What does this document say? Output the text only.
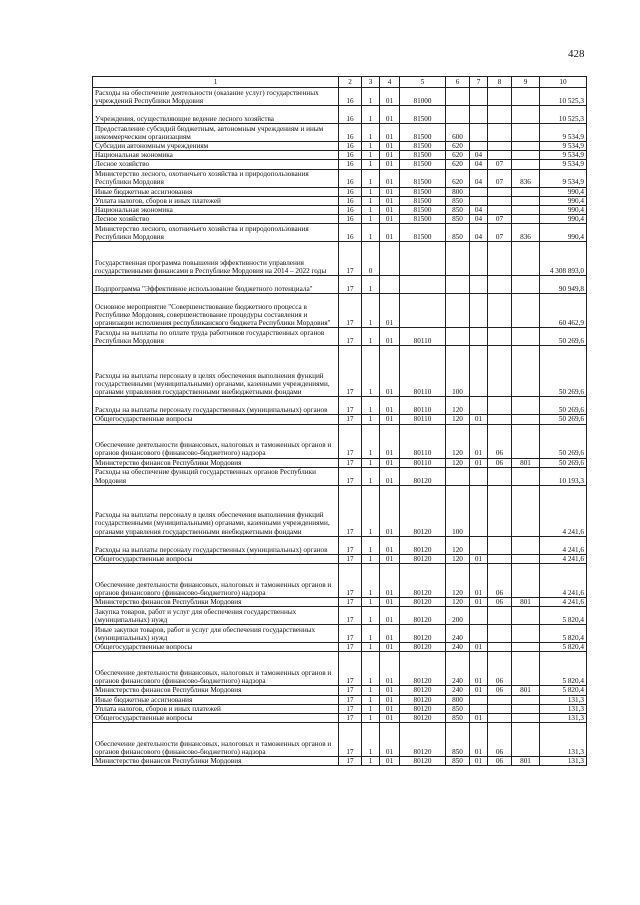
428
1	2	3	4	5	6	7	8	9	10
Расходы на обеспечение деятельности (оказание услуг) государственных учреждений Республики Мордовия	16	1	01	81000					10 525,3
Учреждения, осуществляющие ведение лесного хозяйства	16	1	01	81500					10 525,3
Предоставление субсидий бюджетным, автономным учреждениям и иным некоммерческим организациям	16	1	01	81500	600				9 534,9
Субсидии автономным учреждениям	16	1	01	81500	620				9 534,9
Национальная экономика	16	1	01	81500	620	04			9 534,9
Лесное хозяйство	16	1	01	81500	620	04	07		9 534,9
Министерство лесного, охотничьего хозяйства и природопользования Республики Мордовия	16	1	01	81500	620	04	07	836	9 534,9
Иные бюджетные ассигнования	16	1	01	81500	800				990,4
Уплата налогов, сборов и иных платежей	16	1	01	81500	850				990,4
Национальная экономика	16	1	01	81500	850	04			990,4
Лесное хозяйство	16	1	01	81500	850	04	07		990,4
Министерство лесного, охотничьего хозяйства и природопользования Республики Мордовия	16	1	01	81500	850	04	07	836	990,4
Государственная программа повышения эффективности управления государственными финансами в Республике Мордовия на 2014 – 2022 годы	17	0							4 308 893,0
Подпрограмма "Эффективное использование бюджетного потенциала"	17	1							90 949,8
Основное мероприятие "Совершенствование бюджетного процесса в Республике Мордовия, совершенствование процедуры составления и организации исполнения республиканского бюджета Республики Мордовия"	17	1	01						60 462,9
Расходы на выплаты по оплате труда работников государственных органов Республики Мордовия	17	1	01	80110					50 269,6
Расходы на выплаты персоналу в целях обеспечения выполнения функций государственными (муниципальными) органами, казенными учреждениями, органами управления государственными внебюджетными фондами	17	1	01	80110	100				50 269,6
Расходы на выплаты персоналу государственных (муниципальных) органов	17	1	01	80110	120				50 269,6
Общегосударственные вопросы	17	1	01	80110	120	01			50 269,6
Обеспечение деятельности финансовых, налоговых и таможенных органов и органов финансового (финансово-бюджетного) надзора	17	1	01	80110	120	01	06		50 269,6
Министерство финансов Республики Мордовия	17	1	01	80110	120	01	06	801	50 269,6
Расходы на обеспечение функций государственных органов Республики Мордовия	17	1	01	80120					10 193,3
Расходы на выплаты персоналу в целях обеспечения выполнения функций государственными (муниципальными) органами, казенными учреждениями, органами управления государственными внебюджетными фондами	17	1	01	80120	100				4 241,6
Расходы на выплаты персоналу государственных (муниципальных) органов	17	1	01	80120	120				4 241,6
Общегосударственные вопросы	17	1	01	80120	120	01			4 241,6
Обеспечение деятельности финансовых, налоговых и таможенных органов и органов финансового (финансово-бюджетного) надзора	17	1	01	80120	120	01	06		4 241,6
Министерство финансов Республики Мордовия	17	1	01	80120	120	01	06	801	4 241,6
Закупка товаров, работ и услуг для обеспечения государственных (муниципальных) нужд	17	1	01	80120	200				5 820,4
Иные закупки товаров, работ и услуг для обеспечения государственных (муниципальных) нужд	17	1	01	80120	240				5 820,4
Общегосударственные вопросы	17	1	01	80120	240	01			5 820,4
Обеспечение деятельности финансовых, налоговых и таможенных органов и органов финансового (финансово-бюджетного) надзора	17	1	01	80120	240	01	06		5 820,4
Министерство финансов Республики Мордовия	17	1	01	80120	240	01	06	801	5 820,4
Иные бюджетные ассигнования	17	1	01	80120	800				131,3
Уплата налогов, сборов и иных платежей	17	1	01	80120	850				131,3
Общегосударственные вопросы	17	1	01	80120	850	01			131,3
Обеспечение деятельности финансовых, налоговых и таможенных органов и органов финансового (финансово-бюджетного) надзора	17	1	01	80120	850	01	06		131,3
Министерство финансов Республики Мордовия	17	1	01	80120	850	01	06	801	131,3
